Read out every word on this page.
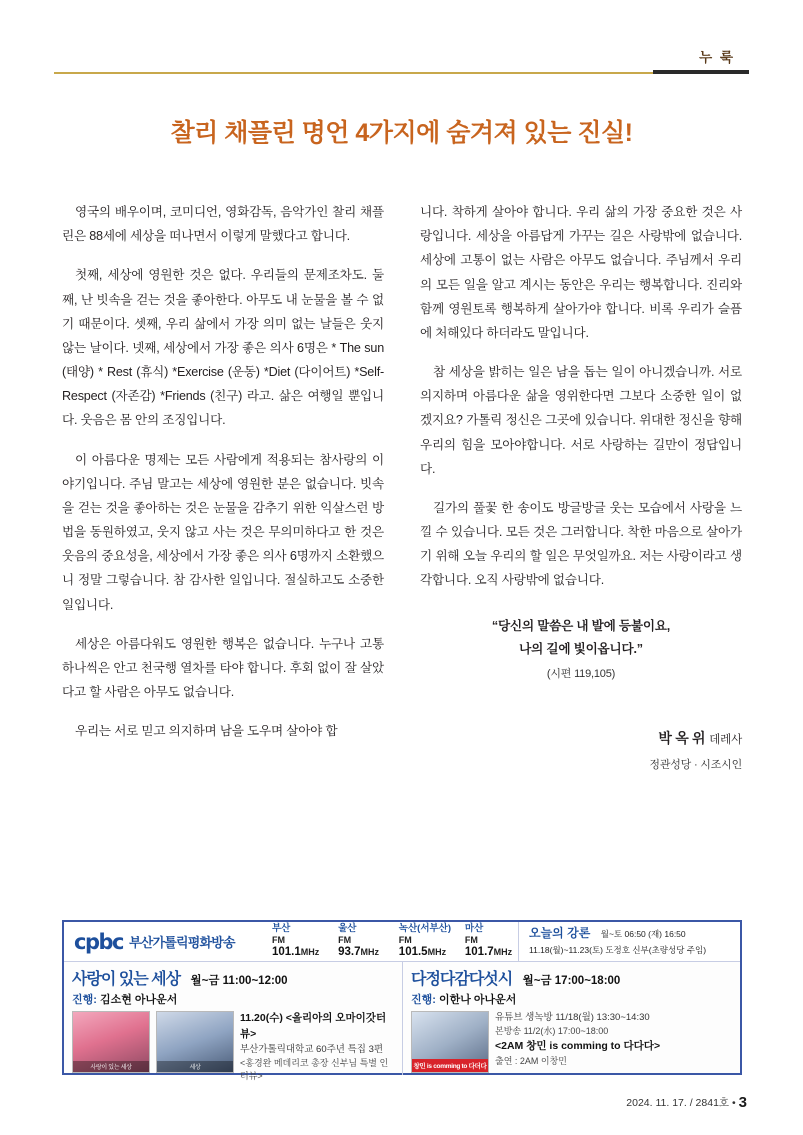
누 룩
찰리 채플린 명언 4가지에 숨겨져 있는 진실!

영국의 배우이며, 코미디언, 영화감독, 음악가인 찰리 채플린은 88세에 세상을 떠나면서 이렇게 말했다고 합니다.

첫째, 세상에 영원한 것은 없다. 우리들의 문제조차도. 둘째, 난 빗속을 걷는 것을 좋아한다. 아무도 내 눈물을 볼 수 없기 때문이다. 셋째, 우리 삶에서 가장 의미 없는 날들은 웃지 않는 날이다. 넷째, 세상에서 가장 좋은 의사 6명은 * The sun (태양) * Rest (휴식) *Exercise (운동) *Diet (다이어트) *Self-Respect (자존감) *Friends (친구) 라고. 삶은 여행일 뿐입니다. 웃음은 몸 안의 조징입니다.

이 아름다운 명제는 모든 사람에게 적용되는 참사랑의 이야기입니다. 주님 말고는 세상에 영원한 분은 없습니다. 빗속을 걷는 것을 좋아하는 것은 눈물을 감추기 위한 익살스런 방법을 동원하였고, 웃지 않고 사는 것은 무의미하다고 한 것은 웃음의 중요성을, 세상에서 가장 좋은 의사 6명까지 소환했으니 정말 그렇습니다. 참 감사한 일입니다. 절실하고도 소중한 일입니다.

세상은 아름다워도 영원한 행복은 없습니다. 누구나 고통 하나씩은 안고 천국행 열차를 타야 합니다. 후회 없이 잘 살았다고 할 사람은 아무도 없습니다.

우리는 서로 믿고 의지하며 남을 도우며 살아야 합

니다. 착하게 살아야 합니다. 우리 삶의 가장 중요한 것은 사랑입니다. 세상을 아름답게 가꾸는 길은 사랑밖에 없습니다. 세상에 고통이 없는 사람은 아무도 없습니다. 주님께서 우리의 모든 일을 알고 계시는 동안은 우리는 행복합니다. 진리와 함께 영원토록 행복하게 살아가야 합니다. 비록 우리가 슬픔에 처해있다 하더라도 말입니다.

참 세상을 밝히는 일은 남을 돕는 일이 아니겠습니까. 서로 의지하며 아름다운 삶을 영위한다면 그보다 소중한 일이 없겠지요? 가톨릭 정신은 그곳에 있습니다. 위대한 정신을 향해 우리의 힘을 모아야합니다. 서로 사랑하는 길만이 정답입니다.

길가의 풀꽃 한 송이도 방글방글 웃는 모습에서 사랑을 느낄 수 있습니다. 모든 것은 그러합니다. 착한 마음으로 살아가기 위해 오늘 우리의 할 일은 무엇일까요. 저는 사랑이라고 생각합니다. 오직 사랑밖에 없습니다.

“당신의 말씀은 내 발에 등불이요,
나의 길에 빛이옵니다.”
(시편 119,105)
박 옥 위 데레사
정관성당 · 시조시인
cpbc 부산가톨릭평화방송
부산
FM 101.1MHz
울산
FM 93.7MHz
녹산(서부산)
FM 101.5MHz
마산
FM 101.7MHz
오늘의 강론 월~토 06:50 (재) 16:50
11.18(월)~11.23(토) 도정호 신부(초량성당 주임)
사랑이 있는 세상 월~금 11:00~12:00
진행: 김소현 아나운서
사랑이 있는 세상	세상
11.20(수) <올리아의 오마이갓터뷰>
부산가톨릭대학교 60주년 특집 3편
<홍경완 메데리코 총장 신부님 특별 인터뷰>
다정다감다섯시 월~금 17:00~18:00
진행: 이한나 아나운서
창민 is comming to 다더다
유튜브 생녹방 11/18(월) 13:30~14:30
본방송 11/2(水) 17:00~18:00
<2AM 창민 is comming to 다다다>
출연 : 2AM 이창민
2024. 11. 17. / 2841호 • 3
